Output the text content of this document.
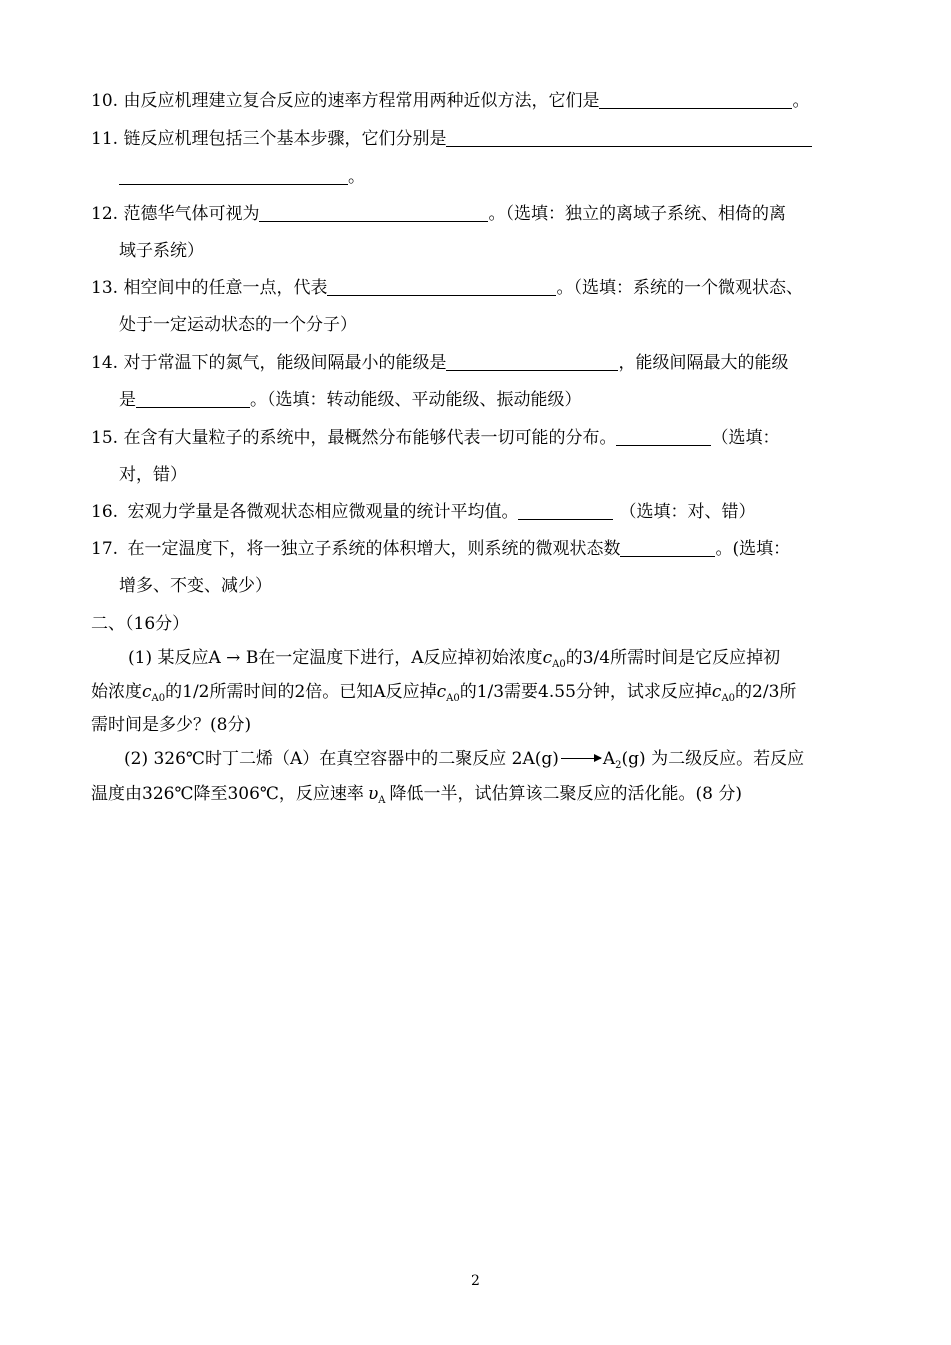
10. 由反应机理建立复合反应的速率方程常用两种近似方法，它们是	。
11. 链反应机理包括三个基本步骤，它们分别是
。
12. 范德华气体可视为	。（选填：独立的离域子系统、相倚的离
域子系统）
13. 相空间中的任意一点，代表	。（选填：系统的一个微观状态、
处于一定运动状态的一个分子）
14. 对于常温下的氮气，能级间隔最小的能级是	，能级间隔最大的能级
是	。（选填：转动能级、平动能级、振动能级）
15. 在含有大量粒子的系统中，最概然分布能够代表一切可能的分布。	（选填：
对，错）
16. 宏观力学量是各微观状态相应微观量的统计平均值。	（选填：对、错）
17. 在一定温度下，将一独立子系统的体积增大，则系统的微观状态数	。(选填：
增多、不变、减少）
二、（16分）
(1) 某反应A → B在一定温度下进行，A反应掉初始浓度$c_{A0}$的3/4所需时间是它反应掉初
始浓度$c_{A0}$的1/2所需时间的2倍。已知A反应掉$c_{A0}$的1/3需要4.55分钟，试求反应掉$c_{A0}$的2/3所
需时间是多少？(8分)
(2) 326℃时丁二烯（A）在真空容器中的二聚反应 $2A(g) \to A_2(g)$ 为二级反应。若反应
温度由326℃降至306℃，反应速率 $\upsilon_A$ 降低一半，试估算该二聚反应的活化能。(8 分)
2
